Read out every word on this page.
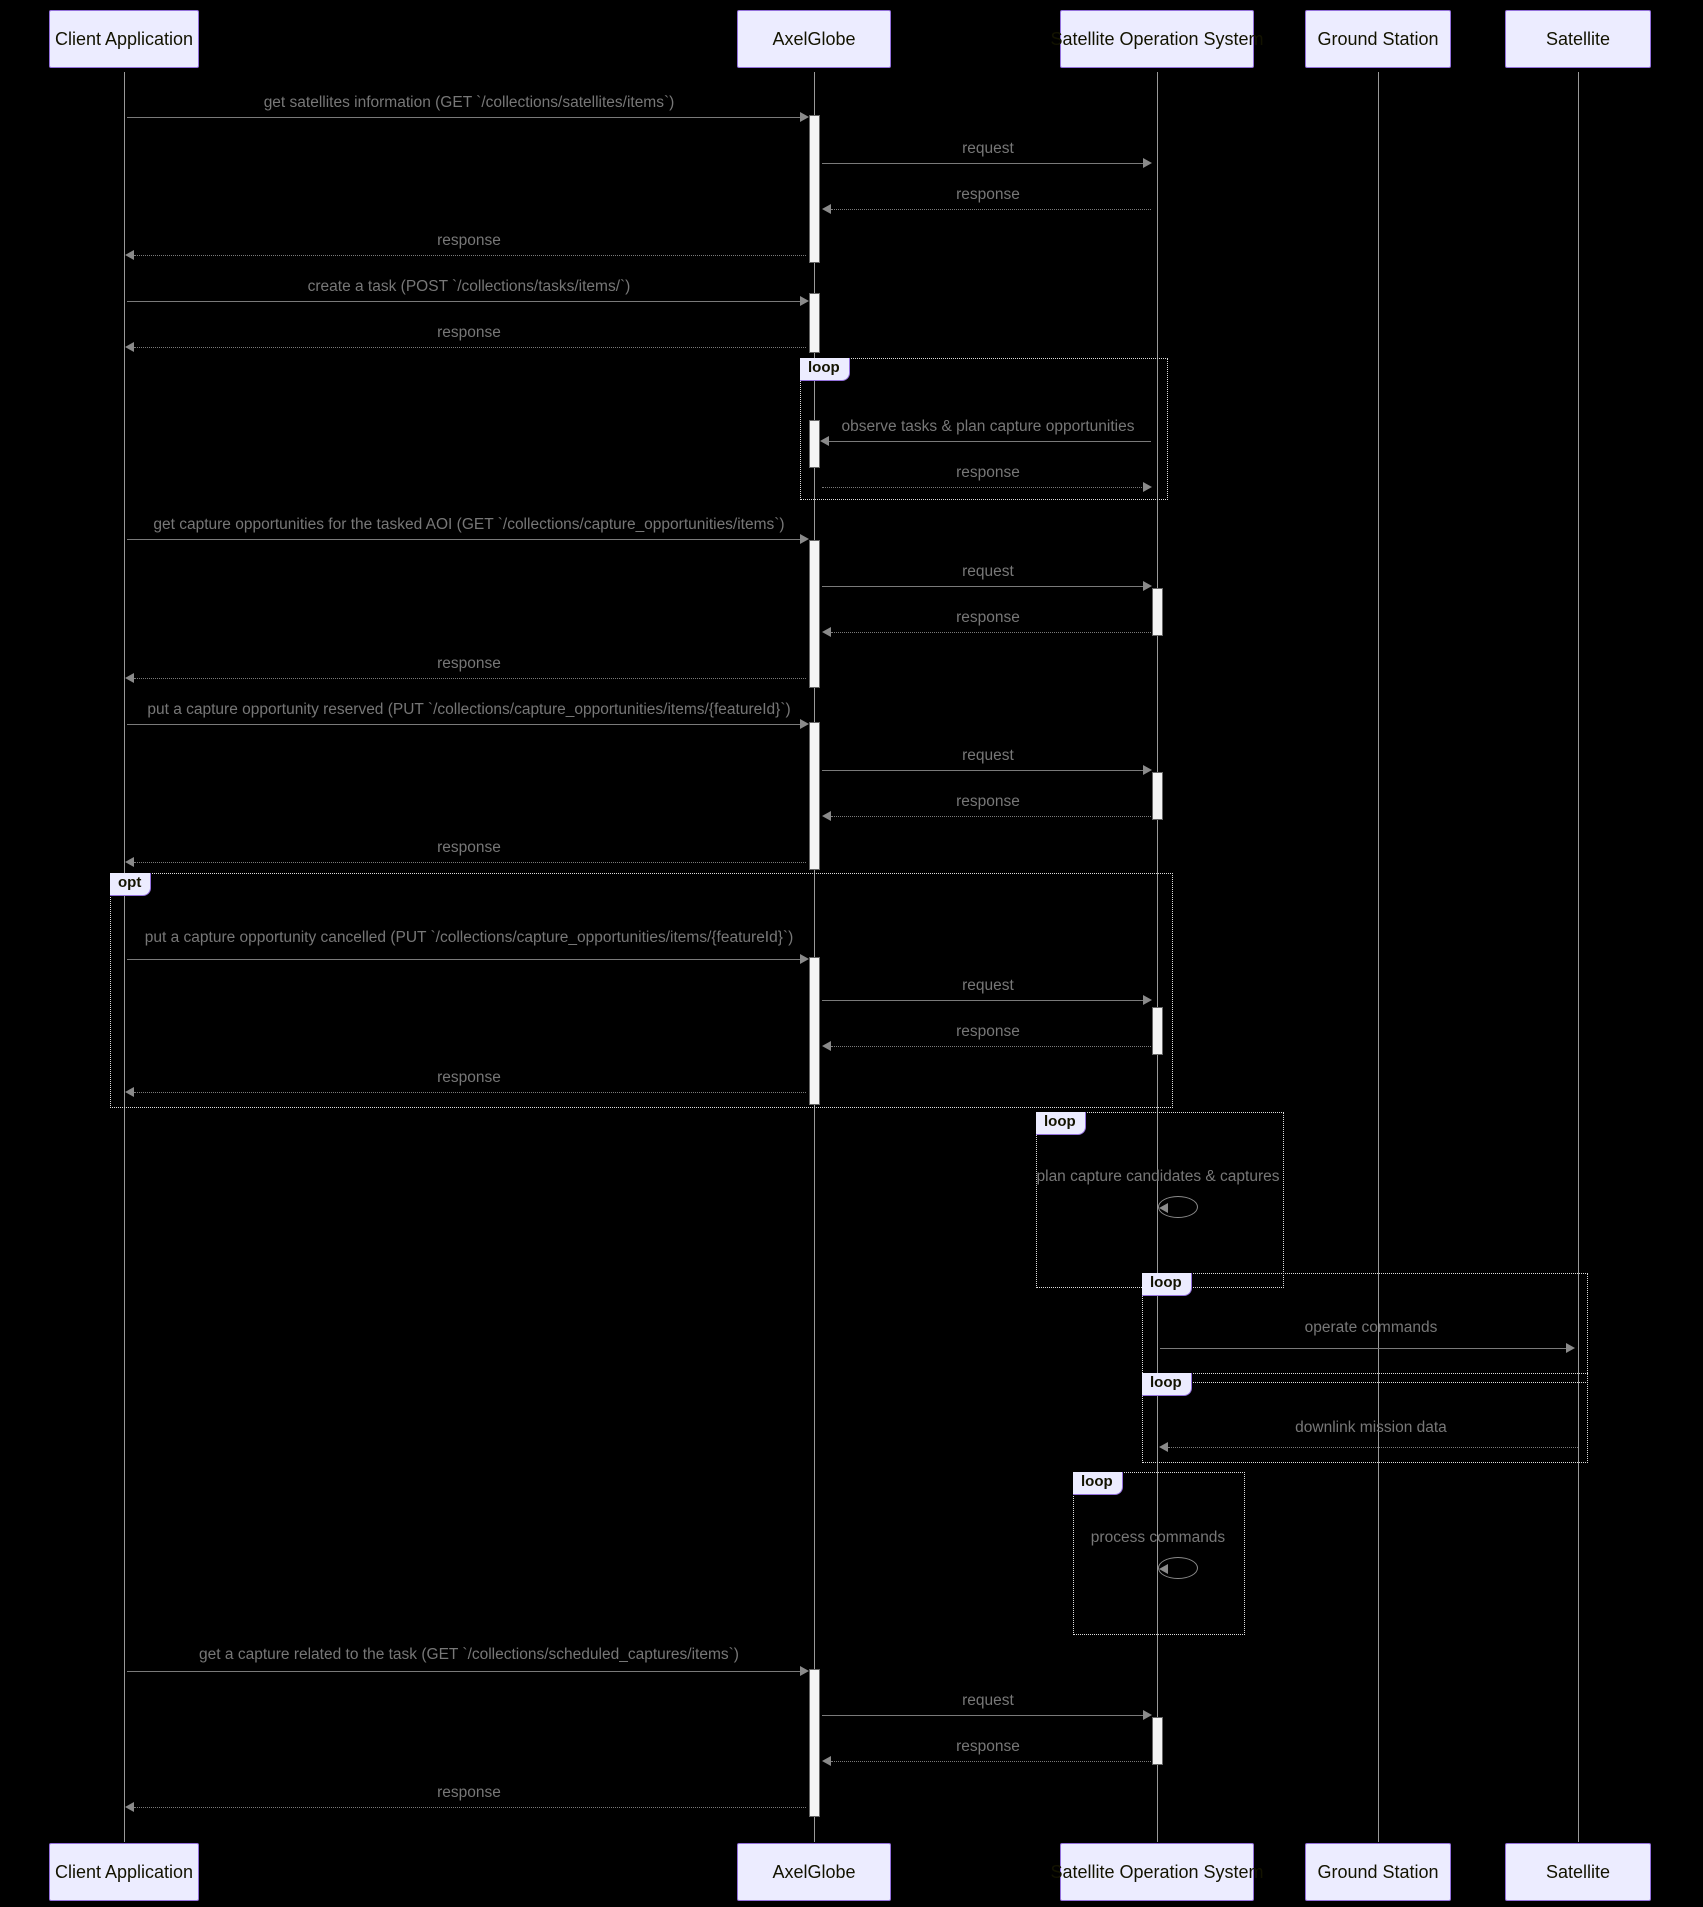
Client Application	AxelGlobe	Satellite Operation System	Ground Station	Satellite
Client Application	AxelGlobe	Satellite Operation System	Ground Station	Satellite
loop
opt
loop
loop
loop
loop
get satellites information (GET `/collections/satellites/items`)
request
response
response
create a task (POST `/collections/tasks/items/`)
response
observe tasks & plan capture opportunities
response
get capture opportunities for the tasked AOI (GET `/collections/capture_opportunities/items`)
request
response
response
put a capture opportunity reserved (PUT `/collections/capture_opportunities/items/{featureId}`)
request
response
response
put a capture opportunity cancelled (PUT `/collections/capture_opportunities/items/{featureId}`)
request
response
response
plan capture candidates & captures
operate commands
downlink mission data
process commands
get a capture related to the task (GET `/collections/scheduled_captures/items`)
request
response
response
